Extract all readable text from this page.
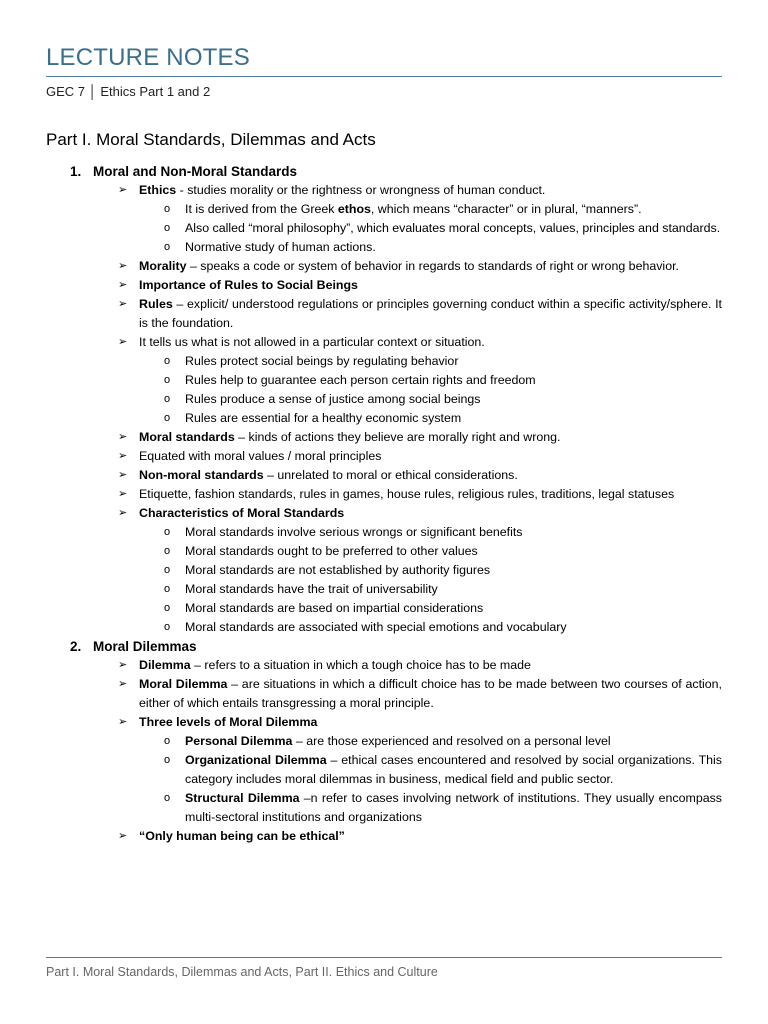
LECTURE NOTES
GEC 7 │ Ethics Part 1 and 2
Part I. Moral Standards, Dilemmas and Acts
1. Moral and Non-Moral Standards
➢ Ethics - studies morality or the rightness or wrongness of human conduct.
o It is derived from the Greek ethos, which means “character” or in plural, “manners”.
o Also called “moral philosophy”, which evaluates moral concepts, values, principles and standards.
o Normative study of human actions.
➢ Morality – speaks a code or system of behavior in regards to standards of right or wrong behavior.
➢ Importance of Rules to Social Beings
➢ Rules – explicit/ understood regulations or principles governing conduct within a specific activity/sphere. It is the foundation.
➢ It tells us what is not allowed in a particular context or situation.
o Rules protect social beings by regulating behavior
o Rules help to guarantee each person certain rights and freedom
o Rules produce a sense of justice among social beings
o Rules are essential for a healthy economic system
➢ Moral standards – kinds of actions they believe are morally right and wrong.
➢ Equated with moral values / moral principles
➢ Non-moral standards – unrelated to moral or ethical considerations.
➢ Etiquette, fashion standards, rules in games, house rules, religious rules, traditions, legal statuses
➢ Characteristics of Moral Standards
o Moral standards involve serious wrongs or significant benefits
o Moral standards ought to be preferred to other values
o Moral standards are not established by authority figures
o Moral standards have the trait of universability
o Moral standards are based on impartial considerations
o Moral standards are associated with special emotions and vocabulary
2. Moral Dilemmas
➢ Dilemma – refers to a situation in which a tough choice has to be made
➢ Moral Dilemma – are situations in which a difficult choice has to be made between two courses of action, either of which entails transgressing a moral principle.
➢ Three levels of Moral Dilemma
o Personal Dilemma – are those experienced and resolved on a personal level
o Organizational Dilemma – ethical cases encountered and resolved by social organizations. This category includes moral dilemmas in business, medical field and public sector.
o Structural Dilemma –n refer to cases involving network of institutions. They usually encompass multi-sectoral institutions and organizations
➢ “Only human being can be ethical”
Part I. Moral Standards, Dilemmas and Acts, Part II. Ethics and Culture
